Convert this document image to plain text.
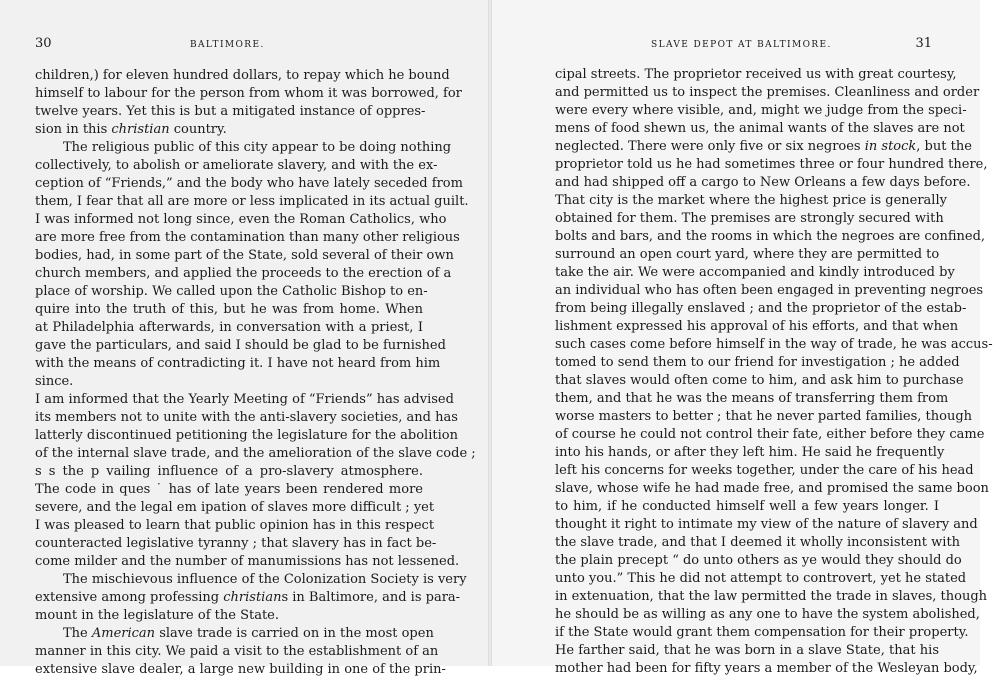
30	BALTIMORE.
children,) for eleven hundred dollars, to repay which he bound
himself to labour for the person from whom it was borrowed, for
twelve years. Yet this is but a mitigated instance of oppres-
sion in this christian country.
The religious public of this city appear to be doing nothing
collectively, to abolish or ameliorate slavery, and with the ex-
ception of “Friends,” and the body who have lately seceded from
them, I fear that all are more or less implicated in its actual guilt.
I was informed not long since, even the Roman Catholics, who
are more free from the contamination than many other religious
bodies, had, in some part of the State, sold several of their own
church members, and applied the proceeds to the erection of a
place of worship. We called upon the Catholic Bishop to en-
quire into the truth of this, but he was from home. When
at Philadelphia afterwards, in conversation with a priest, I
gave the particulars, and said I should be glad to be furnished
with the means of contradicting it. I have not heard from him
since.
I am informed that the Yearly Meeting of “Friends” has advised
its members not to unite with the anti-slavery societies, and has
latterly discontinued petitioning the legislature for the abolition
of the internal slave trade, and the amelioration of the slave code ;
s s the p vailing influence of a pro-slavery atmosphere.
The code in ques ˙ has of late years been rendered more
severe, and the legal em ipation of slaves more difficult ; yet
I was pleased to learn that public opinion has in this respect
counteracted legislative tyranny ; that slavery has in fact be-
come milder and the number of manumissions has not lessened.
The mischievous influence of the Colonization Society is very
extensive among professing christians in Baltimore, and is para-
mount in the legislature of the State.
The American slave trade is carried on in the most open
manner in this city. We paid a visit to the establishment of an
extensive slave dealer, a large new building in one of the prin-
SLAVE DEPOT AT BALTIMORE.	31
cipal streets. The proprietor received us with great courtesy,
and permitted us to inspect the premises. Cleanliness and order
were every where visible, and, might we judge from the speci-
mens of food shewn us, the animal wants of the slaves are not
neglected. There were only five or six negroes in stock, but the
proprietor told us he had sometimes three or four hundred there,
and had shipped off a cargo to New Orleans a few days before.
That city is the market where the highest price is generally
obtained for them. The premises are strongly secured with
bolts and bars, and the rooms in which the negroes are confined,
surround an open court yard, where they are permitted to
take the air. We were accompanied and kindly introduced by
an individual who has often been engaged in preventing negroes
from being illegally enslaved ; and the proprietor of the estab-
lishment expressed his approval of his efforts, and that when
such cases come before himself in the way of trade, he was accus-
tomed to send them to our friend for investigation ; he added
that slaves would often come to him, and ask him to purchase
them, and that he was the means of transferring them from
worse masters to better ; that he never parted families, though
of course he could not control their fate, either before they came
into his hands, or after they left him. He said he frequently
left his concerns for weeks together, under the care of his head
slave, whose wife he had made free, and promised the same boon
to him, if he conducted himself well a few years longer. I
thought it right to intimate my view of the nature of slavery and
the slave trade, and that I deemed it wholly inconsistent with
the plain precept “ do unto others as ye would they should do
unto you.” This he did not attempt to controvert, yet he stated
in extenuation, that the law permitted the trade in slaves, though
he should be as willing as any one to have the system abolished,
if the State would grant them compensation for their property.
He farther said, that he was born in a slave State, that his
mother had been for fifty years a member of the Wesleyan body,
